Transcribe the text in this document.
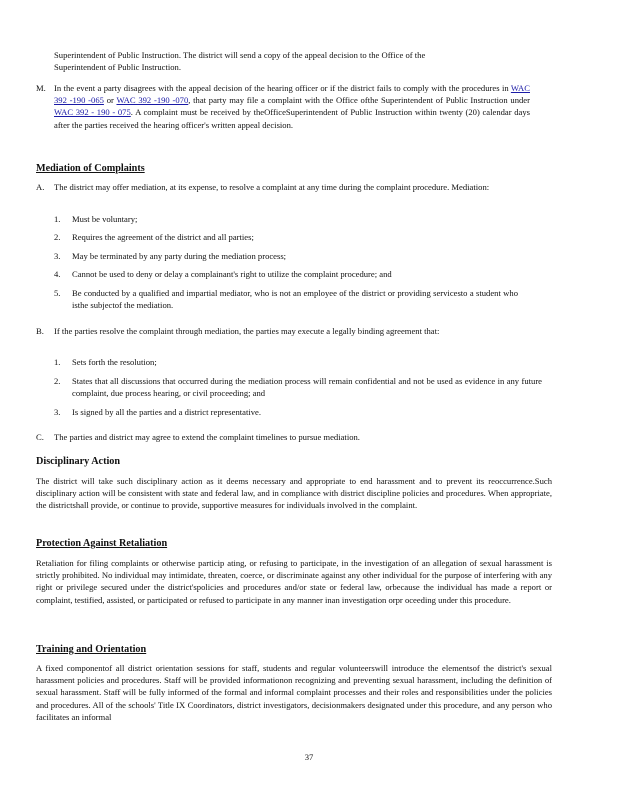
Superintendent of Public Instruction. The district will send a copy of the appeal decision to the Office of the
Superintendent of Public Instruction.
M. In the event a party disagrees with the appeal decision of the hearing officer or if the district fails to comply with the procedures in WAC 392 -190 -065 or WAC 392 -190 -070, that party may file a complaint with the Office ofthe Superintendent of Public Instruction under WAC 392 - 190 - 075. A complaint must be received by theOfficeSuperintendent of Public Instruction within twenty (20) calendar days after the parties received the hearing officer's written appeal decision.
Mediation of Complaints
A. The district may offer mediation, at its expense, to resolve a complaint at any time during the complaint procedure. Mediation:
1. Must be voluntary;
2. Requires the agreement of the district and all parties;
3. May be terminated by any party during the mediation process;
4. Cannot be used to deny or delay a complainant's right to utilize the complaint procedure; and
5. Be conducted by a qualified and impartial mediator, who is not an employee of the district or providing servicesto a student who isthe subjectof the mediation.
B. If the parties resolve the complaint through mediation, the parties may execute a legally binding agreement that:
1. Sets forth the resolution;
2. States that all discussions that occurred during the mediation process will remain confidential and not be used as evidence in any future complaint, due process hearing, or civil proceeding; and
3. Is signed by all the parties and a district representative.
C. The parties and district may agree to extend the complaint timelines to pursue mediation.
Disciplinary Action
The district will take such disciplinary action as it deems necessary and appropriate to end harassment and to prevent its reoccurrence.Such disciplinary action will be consistent with state and federal law, and in compliance with district discipline policies and procedures. When appropriate, the districtshall provide, or continue to provide, supportive measures for individuals involved in the complaint.
Protection Against Retaliation
Retaliation for filing complaints or otherwise particip ating, or refusing to participate, in the investigation of an allegation of sexual harassment is strictly prohibited. No individual may intimidate, threaten, coerce, or discriminate against any other individual for the purpose of interfering with any right or privilege secured under the district'spolicies and procedures and/or state or federal law, orbecause the individual has made a report or complaint, testified, assisted, or participated or refused to participate in any manner inan investigation orpr oceeding under this procedure.
Training and Orientation
A fixed componentof all district orientation sessions for staff, students and regular volunteerswill introduce the elementsof the district's sexual harassment policies and procedures. Staff will be provided informationon recognizing and preventing sexual harassment, including the definition of sexual harassment. Staff will be fully informed of the formal and informal complaint processes and their roles and responsibilities under the policies and procedures. All of the schools' Title IX Coordinators, district investigators, decisionmakers designated under this procedure, and any person who facilitates an informal
37
